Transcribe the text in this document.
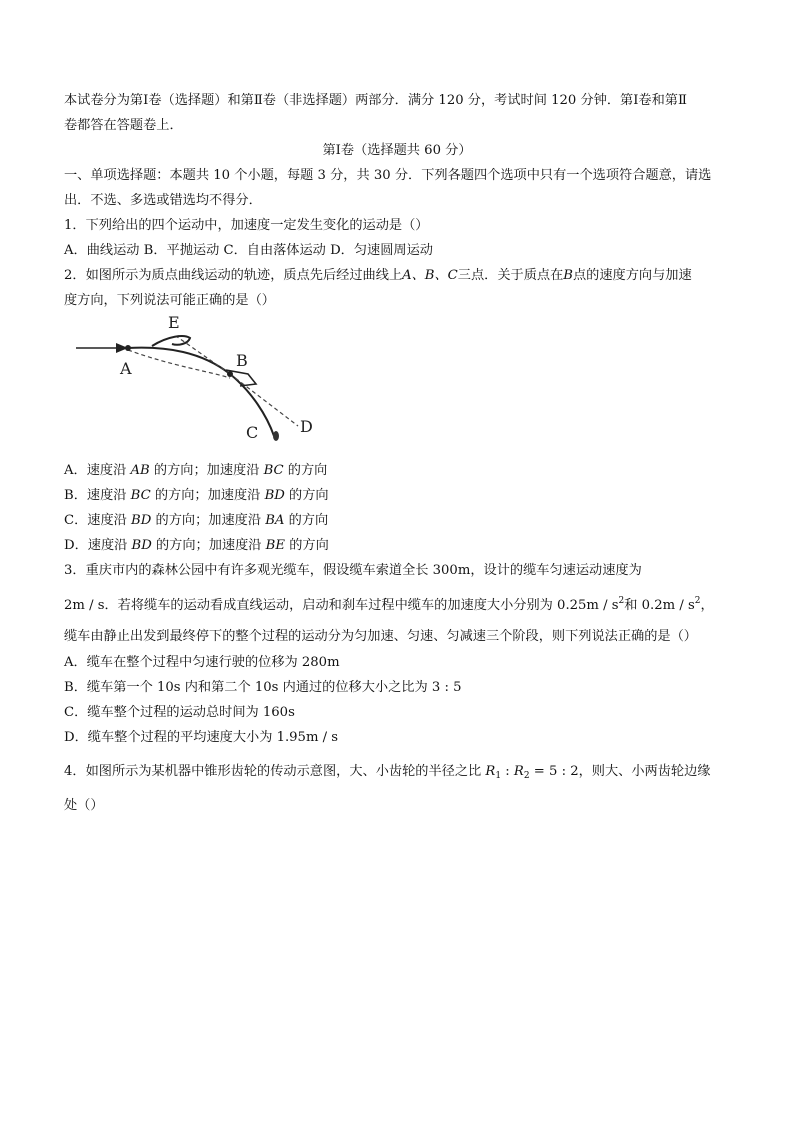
本试卷分为第Ⅰ卷（选择题）和第Ⅱ卷（非选择题）两部分．满分 120 分，考试时间 120 分钟．第Ⅰ卷和第Ⅱ
卷都答在答题卷上．
第Ⅰ卷（选择题共 60 分）
一、单项选择题：本题共 10 个小题，每题 3 分，共 30 分．下列各题四个选项中只有一个选项符合题意，请选
出．不选、多选或错选均不得分．
1．下列给出的四个运动中，加速度一定发生变化的运动是（）
A．曲线运动 B．平抛运动 C．自由落体运动 D．匀速圆周运动
2．如图所示为质点曲线运动的轨迹，质点先后经过曲线上A、B、C三点．关于质点在B点的速度方向与加速
度方向，下列说法可能正确的是（）
A	B
C	D
E
A．速度沿 AB 的方向；加速度沿 BC 的方向
B．速度沿 BC 的方向；加速度沿 BD 的方向
C．速度沿 BD 的方向；加速度沿 BA 的方向
D．速度沿 BD 的方向；加速度沿 BE 的方向
3．重庆市内的森林公园中有许多观光缆车，假设缆车索道全长 300m，设计的缆车匀速运动速度为
2m / s．若将缆车的运动看成直线运动，启动和刹车过程中缆车的加速度大小分别为 $0.25m / s^2$和 $0.2m / s^2$，
缆车由静止出发到最终停下的整个过程的运动分为匀加速、匀速、匀减速三个阶段，则下列说法正确的是（）
A．缆车在整个过程中匀速行驶的位移为 280m
B．缆车第一个 10s 内和第二个 10s 内通过的位移大小之比为 3 : 5
C．缆车整个过程的运动总时间为 160s
D．缆车整个过程的平均速度大小为 1.95m / s
4．如图所示为某机器中锥形齿轮的传动示意图，大、小齿轮的半径之比 $R_1$ : $R_2 = 5$ : 2，则大、小两齿轮边缘
处（）
